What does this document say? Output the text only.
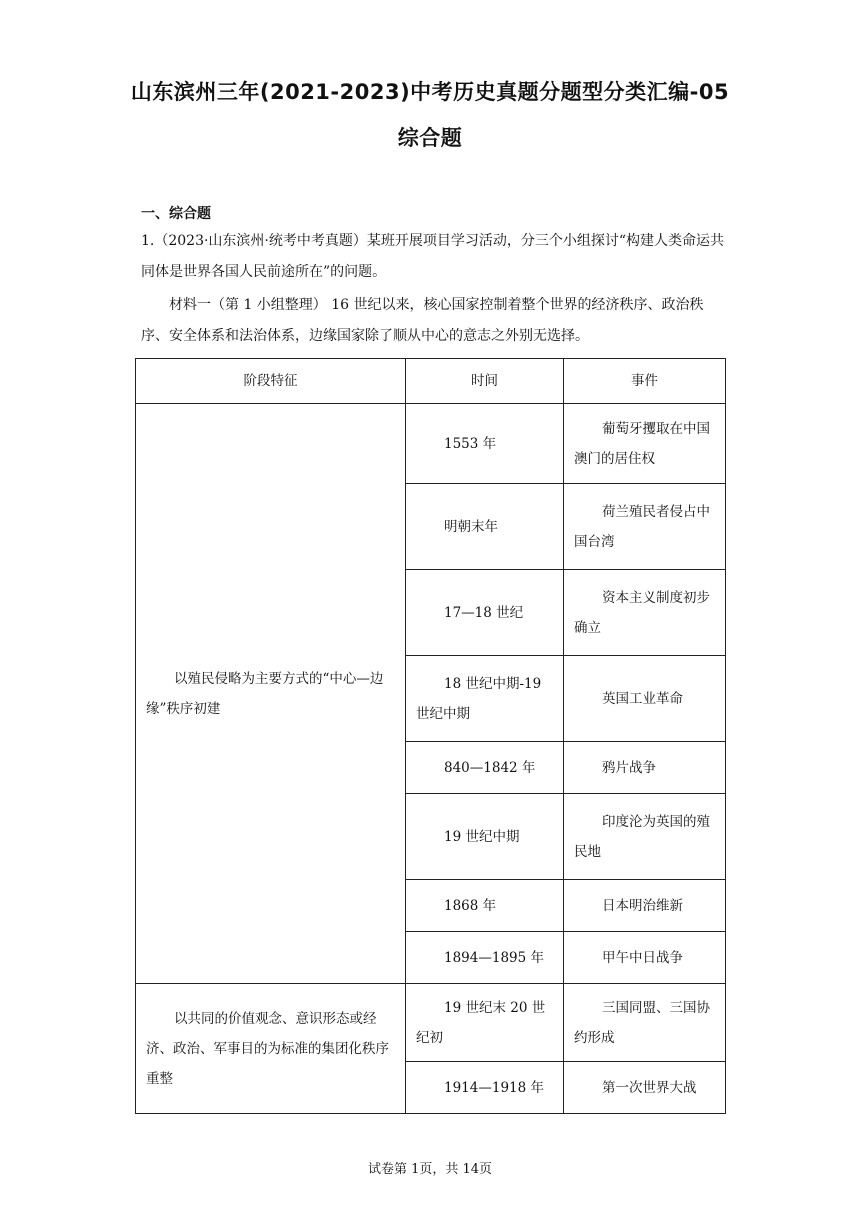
山东滨州三年(2021-2023)中考历史真题分题型分类汇编-05
综合题
一、综合题
1.（2023·山东滨州·统考中考真题）某班开展项目学习活动，分三个小组探讨“构建人类命运共同体是世界各国人民前途所在”的问题。
材料一（第 1 小组整理） 16 世纪以来，核心国家控制着整个世界的经济秩序、政治秩序、安全体系和法治体系，边缘国家除了顺从中心的意志之外别无选择。
阶段特征	时间	事件
以殖民侵略为主要方式的“中心—边缘”秩序初建	1553 年	葡萄牙攫取在中国澳门的居住权
	明朝末年	荷兰殖民者侵占中国台湾
	17—18 世纪	资本主义制度初步确立
	18 世纪中期-19 世纪中期	英国工业革命
	840—1842 年	鸦片战争
	19 世纪中期	印度沦为英国的殖民地
	1868 年	日本明治维新
	1894—1895 年	甲午中日战争
以共同的价值观念、意识形态或经济、政治、军事目的为标准的集团化秩序重整	19 世纪末 20 世纪初	三国同盟、三国协约形成
	1914—1918 年	第一次世界大战
试卷第 1页，共 14页
